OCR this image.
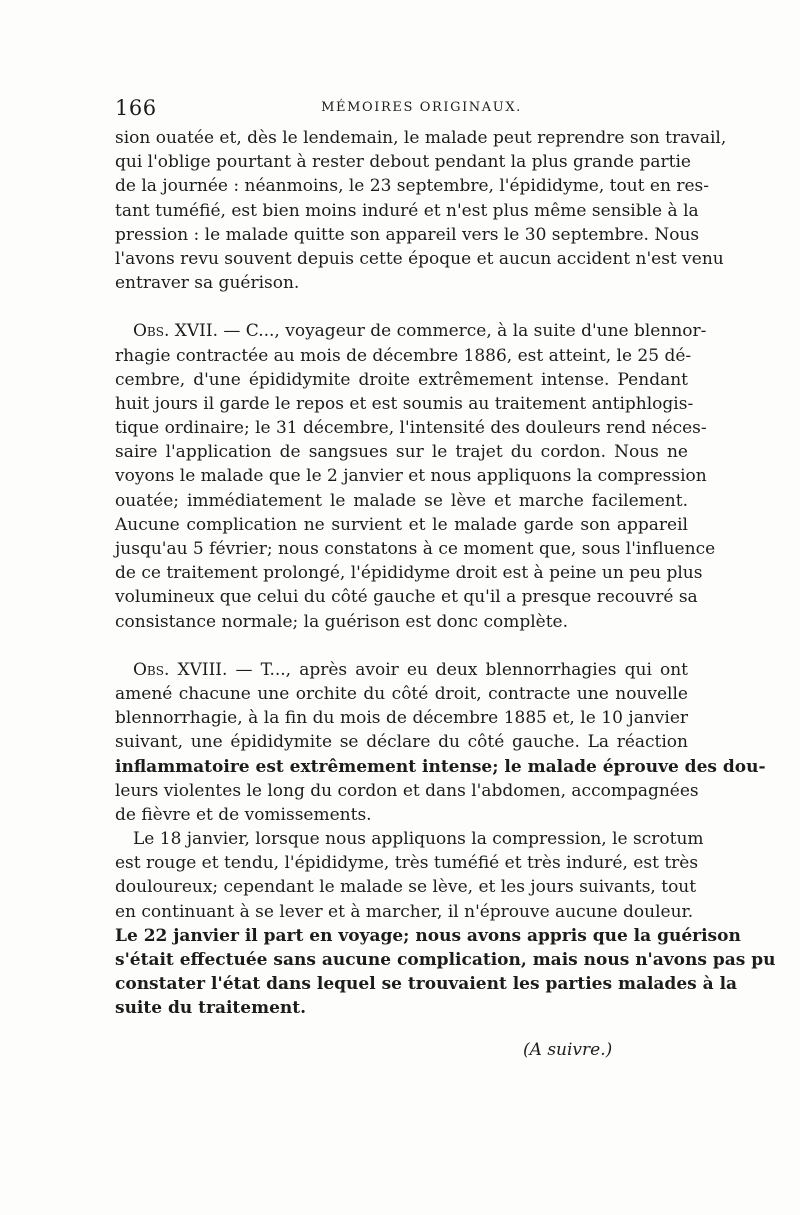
166	MÉMOIRES ORIGINAUX.
sion ouatée et, dès le lendemain, le malade peut reprendre son travail,
qui l'oblige pourtant à rester debout pendant la plus grande partie
de la journée : néanmoins, le 23 septembre, l'épididyme, tout en res-
tant tuméfié, est bien moins induré et n'est plus même sensible à la
pression : le malade quitte son appareil vers le 30 septembre. Nous
l'avons revu souvent depuis cette époque et aucun accident n'est venu
entraver sa guérison.
Obs. XVII. — C..., voyageur de commerce, à la suite d'une blennor-
rhagie contractée au mois de décembre 1886, est atteint, le 25 dé-
cembre, d'une épididymite droite extrêmement intense. Pendant
huit jours il garde le repos et est soumis au traitement antiphlogis-
tique ordinaire; le 31 décembre, l'intensité des douleurs rend néces-
saire l'application de sangsues sur le trajet du cordon. Nous ne
voyons le malade que le 2 janvier et nous appliquons la compression
ouatée; immédiatement le malade se lève et marche facilement.
Aucune complication ne survient et le malade garde son appareil
jusqu'au 5 février; nous constatons à ce moment que, sous l'influence
de ce traitement prolongé, l'épididyme droit est à peine un peu plus
volumineux que celui du côté gauche et qu'il a presque recouvré sa
consistance normale; la guérison est donc complète.
Obs. XVIII. — T..., après avoir eu deux blennorrhagies qui ont
amené chacune une orchite du côté droit, contracte une nouvelle
blennorrhagie, à la fin du mois de décembre 1885 et, le 10 janvier
suivant, une épididymite se déclare du côté gauche. La réaction
inflammatoire est extrêmement intense; le malade éprouve des dou-
leurs violentes le long du cordon et dans l'abdomen, accompagnées
de fièvre et de vomissements.
Le 18 janvier, lorsque nous appliquons la compression, le scrotum
est rouge et tendu, l'épididyme, très tuméfié et très induré, est très
douloureux; cependant le malade se lève, et les jours suivants, tout
en continuant à se lever et à marcher, il n'éprouve aucune douleur.
Le 22 janvier il part en voyage; nous avons appris que la guérison
s'était effectuée sans aucune complication, mais nous n'avons pas pu
constater l'état dans lequel se trouvaient les parties malades à la
suite du traitement.
(A suivre.)
